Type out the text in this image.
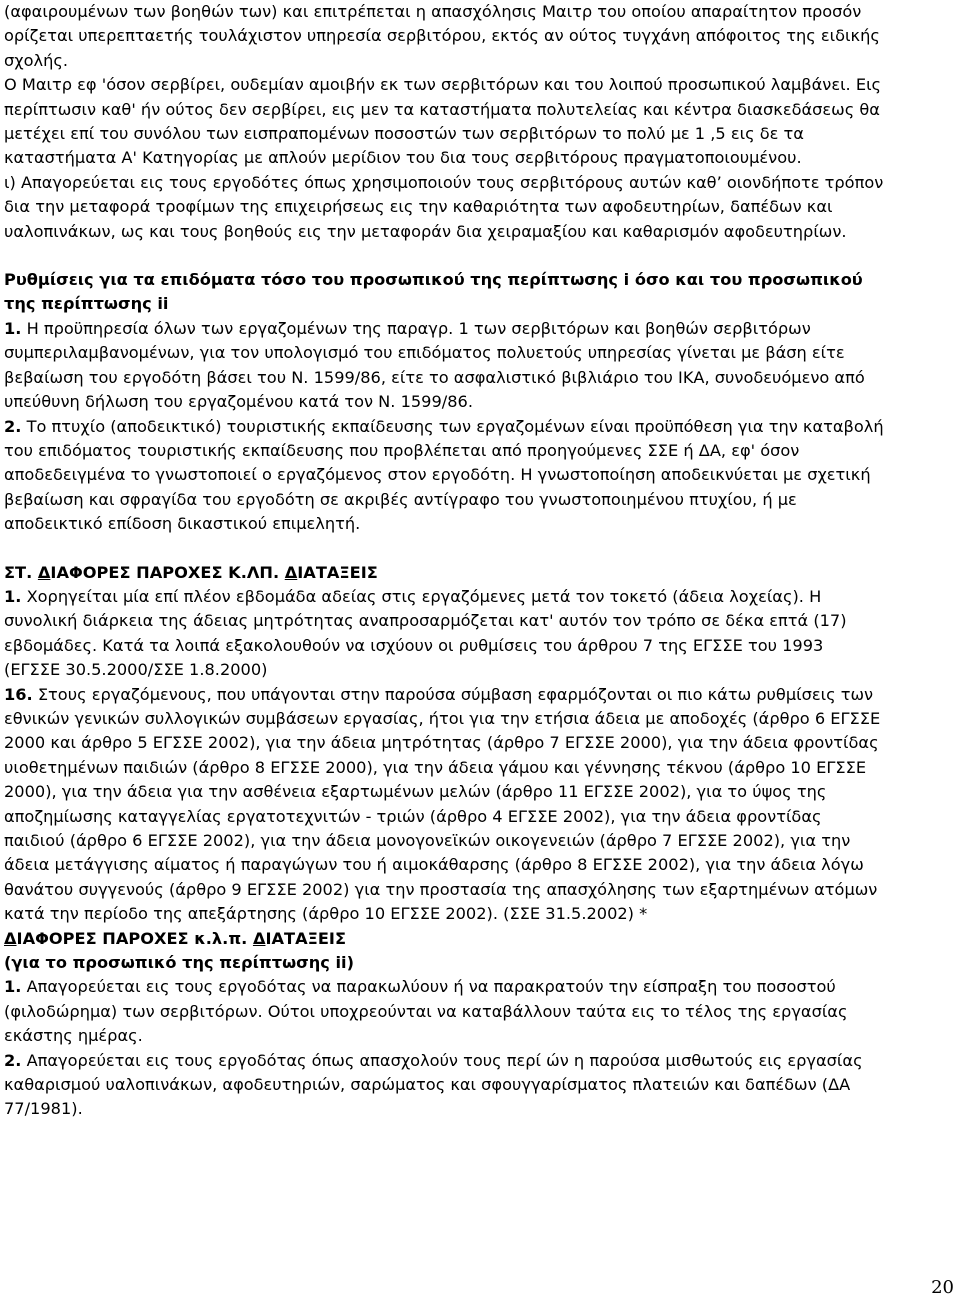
(αφαιρουμένων των βοηθών των) και επιτρέπεται η απασχόλησις Μαιτρ του οποίου απαραίτητον προσόν ορίζεται υπερεπταετής τουλάχιστον υπηρεσία σερβιτόρου, εκτός αν ούτος τυγχάνη απόφοιτος της ειδικής σχολής.

Ο Μαιτρ εφ 'όσον σερβίρει, ουδεμίαν αμοιβήν εκ των σερβιτόρων και του λοιπού προσωπικού λαμβάνει. Εις περίπτωσιν καθ' ήν ούτος δεν σερβίρει, εις μεν τα καταστήματα πολυτελείας και κέντρα διασκεδάσεως θα μετέχει επί του συνόλου των εισπραπομένων ποσοστών των σερβιτόρων το πολύ με 1 ,5 εις δε τα καταστήματα Α' Κατηγορίας με απλούν μερίδιον του δια τους σερβιτόρους πραγματοποιουμένου.

ι) Απαγορεύεται εις τους εργοδότες όπως χρησιμοποιούν τους σερβιτόρους αυτών καθ’ οιονδήποτε τρόπον δια την μεταφορά τροφίμων της επιχειρήσεως εις την καθαριότητα των αφοδευτηρίων, δαπέδων και υαλοπινάκων, ως και τους βοηθούς εις την μεταφοράν δια χειραμαξίου και καθαρισμόν αφοδευτηρίων.

Ρυθμίσεις για τα επιδόματα τόσο του προσωπικού της περίπτωσης i όσο και του προσωπικού της περίπτωσης ii

1. Η προϋπηρεσία όλων των εργαζομένων της παραγρ. 1 των σερβιτόρων και βοηθών σερβιτόρων συμπεριλαμβανομένων, για τον υπολογισμό του επιδόματος πολυετούς υπηρεσίας γίνεται με βάση είτε βεβαίωση του εργοδότη βάσει του Ν. 1599/86, είτε το ασφαλιστικό βιβλιάριο του ΙΚΑ, συνοδευόμενο από υπεύθυνη δήλωση του εργαζομένου κατά τον Ν. 1599/86.

2. Το πτυχίο (αποδεικτικό) τουριστικής εκπαίδευσης των εργαζομένων είναι προϋπόθεση για την καταβολή του επιδόματος τουριστικής εκπαίδευσης που προβλέπεται από προηγούμενες ΣΣΕ ή ΔΑ, εφ' όσον αποδεδειγμένα το γνωστοποιεί ο εργαζόμενος στον εργοδότη. Η γνωστοποίηση αποδεικνύεται με σχετική βεβαίωση και σφραγίδα του εργοδότη σε ακριβές αντίγραφο του γνωστοποιημένου πτυχίου, ή με αποδεικτικό επίδοση δικαστικού επιμελητή.

ΣΤ. ΔΙΑΦΟΡΕΣ ΠΑΡΟΧΕΣ Κ.ΛΠ. ΔΙΑΤΑΞΕΙΣ

1. Χορηγείται μία επί πλέον εβδομάδα αδείας στις εργαζόμενες μετά τον τοκετό (άδεια λοχείας). Η συνολική διάρκεια της άδειας μητρότητας αναπροσαρμόζεται κατ' αυτόν τον τρόπο σε δέκα επτά (17) εβδομάδες. Κατά τα λοιπά εξακολουθούν να ισχύουν οι ρυθμίσεις του άρθρου 7 της ΕΓΣΣΕ του 1993 (ΕΓΣΣΕ 30.5.2000/ΣΣΕ 1.8.2000)

16. Στους εργαζόμενους, που υπάγονται στην παρούσα σύμβαση εφαρμόζονται οι πιο κάτω ρυθμίσεις των εθνικών γενικών συλλογικών συμβάσεων εργασίας, ήτοι για την ετήσια άδεια με αποδοχές (άρθρο 6 ΕΓΣΣΕ 2000 και άρθρο 5 ΕΓΣΣΕ 2002), για την άδεια μητρότητας (άρθρο 7 ΕΓΣΣΕ 2000), για την άδεια φροντίδας υιοθετημένων παιδιών (άρθρο 8 ΕΓΣΣΕ 2000), για την άδεια γάμου και γέννησης τέκνου (άρθρο 10 ΕΓΣΣΕ 2000), για την άδεια για την ασθένεια εξαρτωμένων μελών (άρθρο 11 ΕΓΣΣΕ 2002), για το ύψος της αποζημίωσης καταγγελίας εργατοτεχνιτών - τριών (άρθρο 4 ΕΓΣΣΕ 2002), για την άδεια φροντίδας παιδιού (άρθρο 6 ΕΓΣΣΕ 2002), για την άδεια μονογονεϊκών οικογενειών (άρθρο 7 ΕΓΣΣΕ 2002), για την άδεια μετάγγισης αίματος ή παραγώγων του ή αιμοκάθαρσης (άρθρο 8 ΕΓΣΣΕ 2002), για την άδεια λόγω θανάτου συγγενούς (άρθρο 9 ΕΓΣΣΕ 2002) για την προστασία της απασχόλησης των εξαρτημένων ατόμων κατά την περίοδο της απεξάρτησης (άρθρο 10 ΕΓΣΣΕ 2002). (ΣΣΕ 31.5.2002) *

ΔΙΑΦΟΡΕΣ ΠΑΡΟΧΕΣ κ.λ.π. ΔΙΑΤΑΞΕΙΣ

(για το προσωπικό της περίπτωσης ii)

1. Απαγορεύεται εις τους εργοδότας να παρακωλύουν ή να παρακρατούν την είσπραξη του ποσοστού (φιλοδώρημα) των σερβιτόρων. Ούτοι υποχρεούνται να καταβάλλουν ταύτα εις το τέλος της εργασίας εκάστης ημέρας.

2. Απαγορεύεται εις τους εργοδότας όπως απασχολούν τους περί ών η παρούσα μισθωτούς εις εργασίας καθαρισμού υαλοπινάκων, αφοδευτηριών, σαρώματος και σφουγγαρίσματος πλατειών και δαπέδων (ΔΑ 77/1981).

20
